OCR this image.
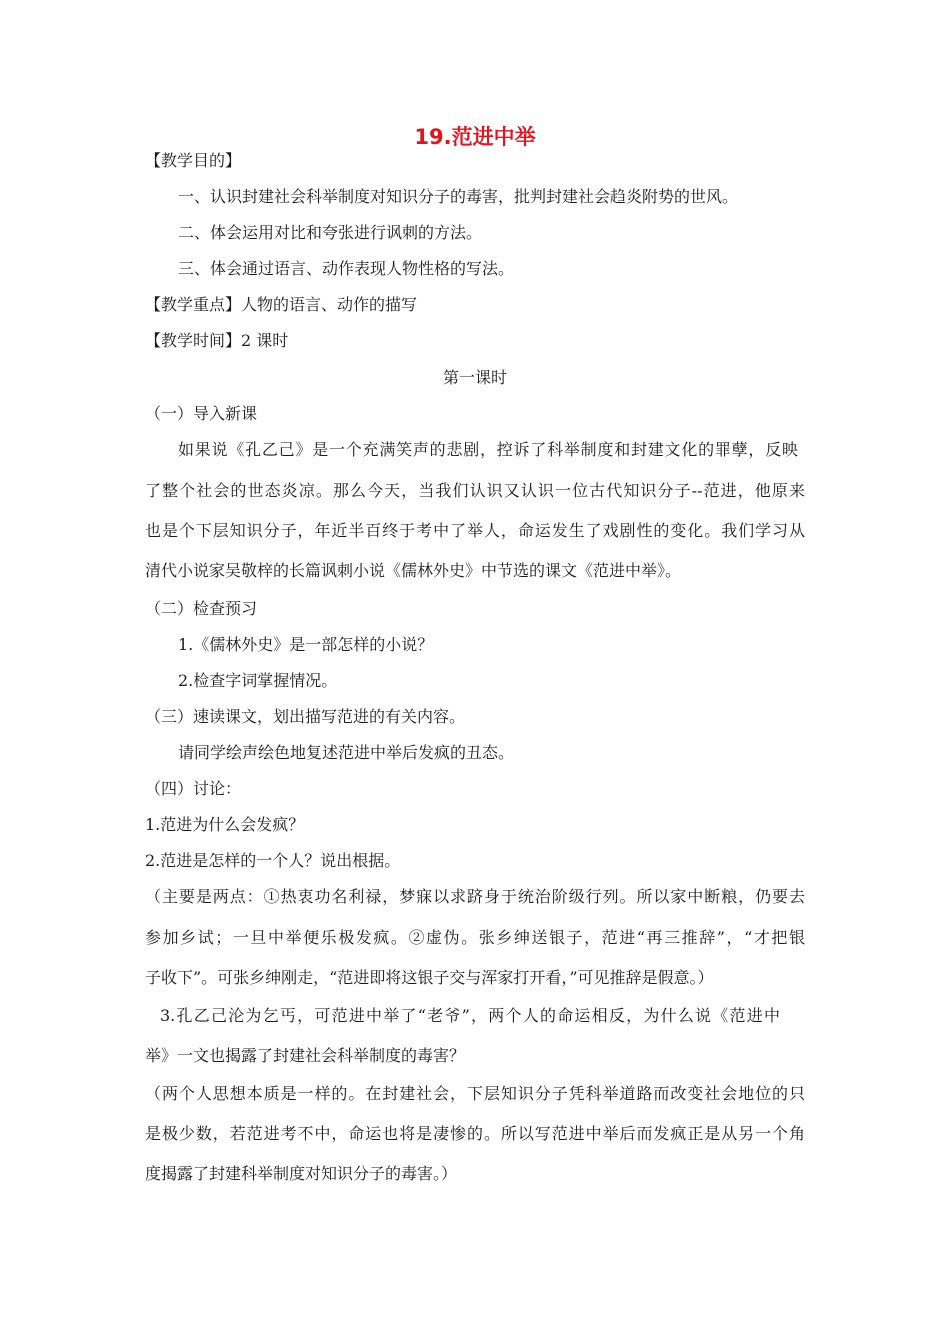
19.范进中举
【教学目的】
一、认识封建社会科举制度对知识分子的毒害，批判封建社会趋炎附势的世风。
二、体会运用对比和夸张进行讽刺的方法。
三、体会通过语言、动作表现人物性格的写法。
【教学重点】人物的语言、动作的描写
【教学时间】2 课时
第一课时
（一）导入新课
如果说《孔乙己》是一个充满笑声的悲剧，控诉了科举制度和封建文化的罪孽，反映
了整个社会的世态炎凉。那么今天，当我们认识又认识一位古代知识分子--范进，他原来
也是个下层知识分子，年近半百终于考中了举人，命运发生了戏剧性的变化。我们学习从
清代小说家吴敬梓的长篇讽刺小说《儒林外史》中节选的课文《范进中举》。
（二）检查预习
1.《儒林外史》是一部怎样的小说？
2.检查字词掌握情况。
（三）速读课文，划出描写范进的有关内容。
请同学绘声绘色地复述范进中举后发疯的丑态。
（四）讨论：
1.范进为什么会发疯？
2.范进是怎样的一个人？说出根据。
（主要是两点：①热衷功名利禄，梦寐以求跻身于统治阶级行列。所以家中断粮，仍要去
参加乡试；一旦中举便乐极发疯。②虚伪。张乡绅送银子，范进“再三推辞”，“才把银
子收下”。可张乡绅刚走，“范进即将这银子交与浑家打开看，”可见推辞是假意。）
3.孔乙己沦为乞丐，可范进中举了“老爷”，两个人的命运相反，为什么说《范进中
举》一文也揭露了封建社会科举制度的毒害？
（两个人思想本质是一样的。在封建社会，下层知识分子凭科举道路而改变社会地位的只
是极少数，若范进考不中，命运也将是凄惨的。所以写范进中举后而发疯正是从另一个角
度揭露了封建科举制度对知识分子的毒害。）
